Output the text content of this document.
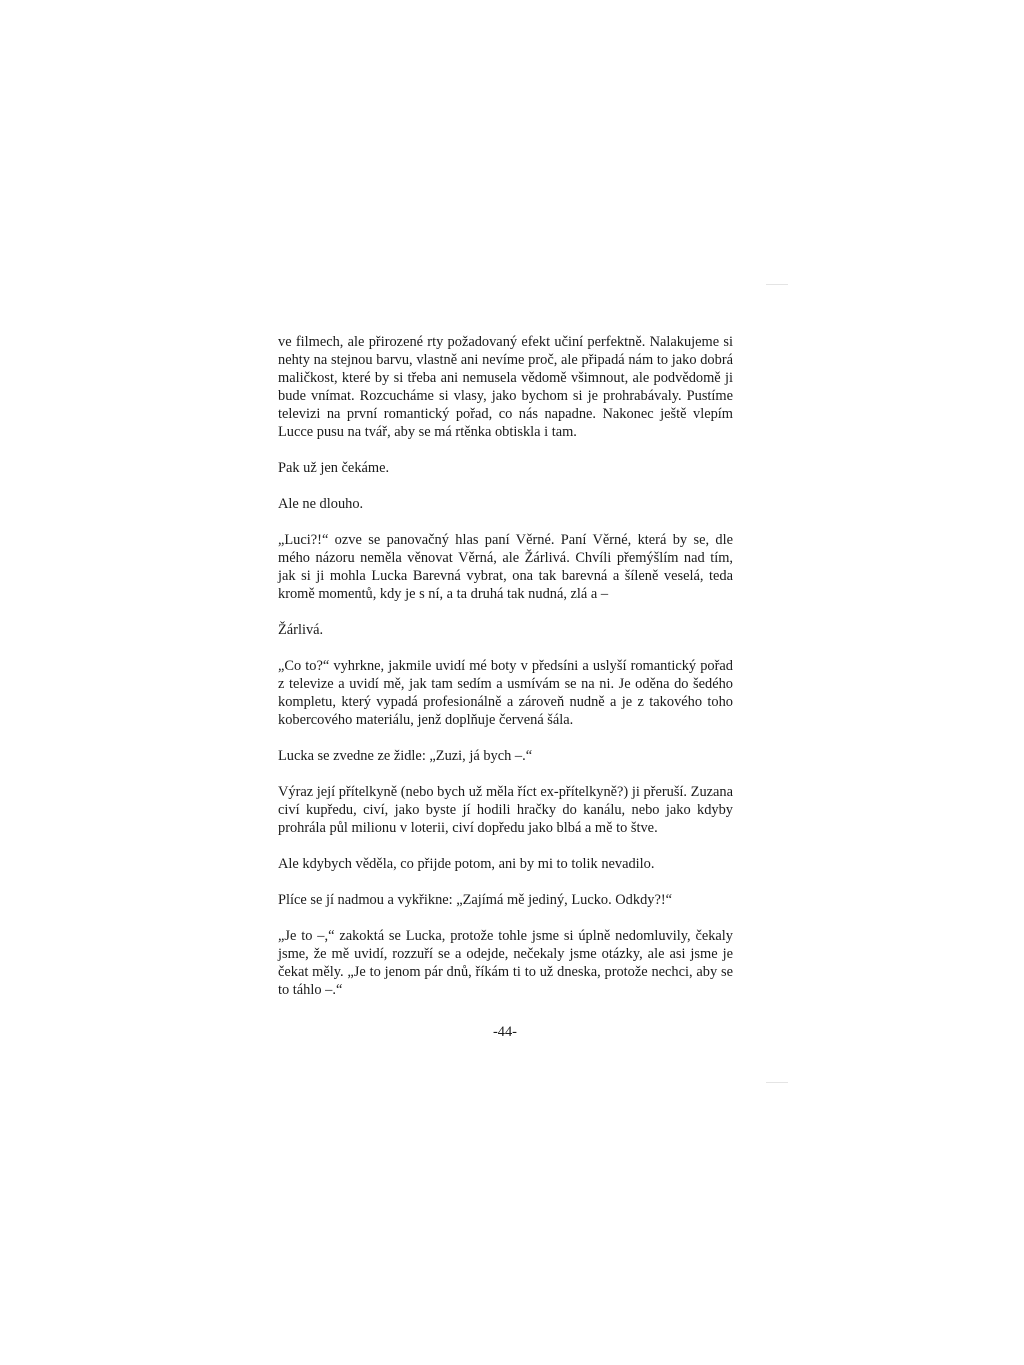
ve filmech, ale přirozené rty požadovaný efekt učiní perfektně. Nalakujeme si nehty na stejnou barvu, vlastně ani nevíme proč, ale připadá nám to jako dobrá maličkost, které by si třeba ani nemusela vědomě všimnout, ale podvědomě ji bude vnímat. Rozcucháme si vlasy, jako bychom si je prohrabávaly. Pustíme televizi na první romantický pořad, co nás napadne. Nakonec ještě vlepím Lucce pusu na tvář, aby se má rtěnka obtiskla i tam.

Pak už jen čekáme.

Ale ne dlouho.

„Luci?!“ ozve se panovačný hlas paní Věrné. Paní Věrné, která by se, dle mého názoru neměla věnovat Věrná, ale Žárlivá. Chvíli přemýšlím nad tím, jak si ji mohla Lucka Barevná vybrat, ona tak barevná a šíleně veselá, teda kromě momentů, kdy je s ní, a ta druhá tak nudná, zlá a –

Žárlivá.

„Co to?“ vyhrkne, jakmile uvidí mé boty v předsíni a uslyší romantický pořad z televize a uvidí mě, jak tam sedím a usmívám se na ni. Je oděna do šedého kompletu, který vypadá profesionálně a zároveň nudně a je z takového toho kobercového materiálu, jenž doplňuje červená šála.

Lucka se zvedne ze židle: „Zuzi, já bych –.“

Výraz její přítelkyně (nebo bych už měla říct ex-přítelkyně?) ji přeruší. Zuzana civí kupředu, civí, jako byste jí hodili hračky do kanálu, nebo jako kdyby prohrála půl milionu v loterii, civí dopředu jako blbá a mě to štve.

Ale kdybych věděla, co přijde potom, ani by mi to tolik nevadilo.

Plíce se jí nadmou a vykřikne: „Zajímá mě jediný, Lucko. Odkdy?!“

„Je to –,“ zakoktá se Lucka, protože tohle jsme si úplně nedomluvily, čekaly jsme, že mě uvidí, rozzuří se a odejde, nečekaly jsme otázky, ale asi jsme je čekat měly. „Je to jenom pár dnů, říkám ti to už dneska, protože nechci, aby se to táhlo –.“

-44-
